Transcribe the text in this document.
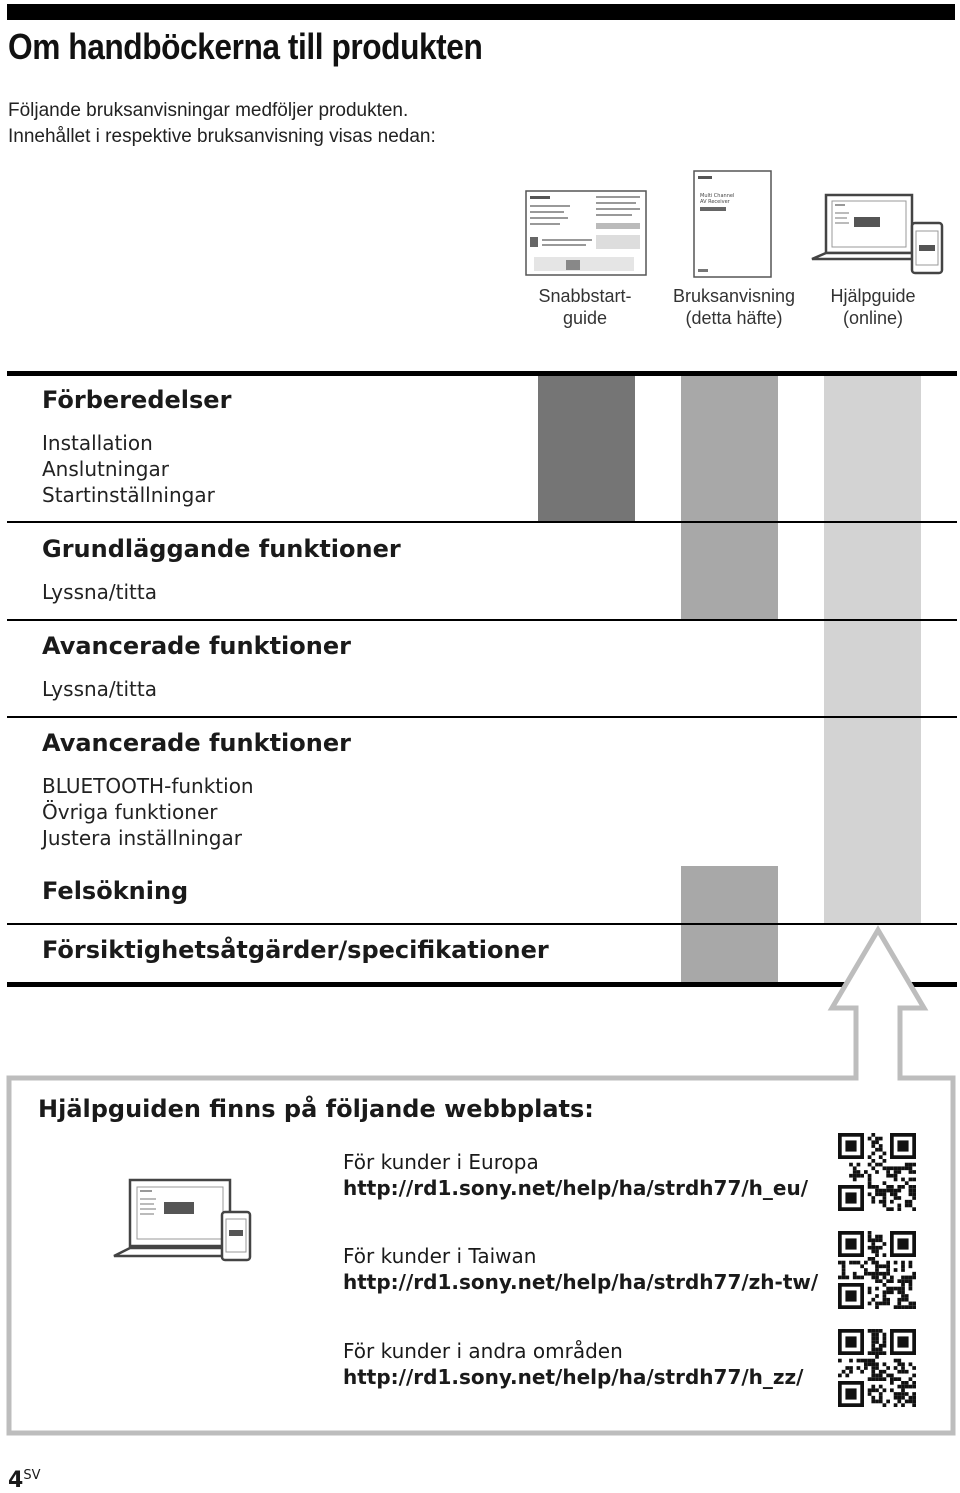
Om handböckerna till produkten
Följande bruksanvisningar medföljer produkten.
Innehållet i respektive bruksanvisning visas nedan:
Multi Channel
AV Receiver
Snabbstart-
guide
Bruksanvisning
(detta häfte)
Hjälpguide
(online)
Förberedelser
Installation
Anslutningar
Startinställningar
Grundläggande funktioner
Lyssna/titta
Avancerade funktioner
Lyssna/titta
Avancerade funktioner
BLUETOOTH-funktion
Övriga funktioner
Justera inställningar
Felsökning
Försiktighetsåtgärder/specifikationer
Hjälpguiden finns på följande webbplats:
För kunder i Europa
http://rd1.sony.net/help/ha/strdh77/h_eu/
För kunder i Taiwan
http://rd1.sony.net/help/ha/strdh77/zh-tw/
För kunder i andra områden
http://rd1.sony.net/help/ha/strdh77/h_zz/
$4^{SV}$
